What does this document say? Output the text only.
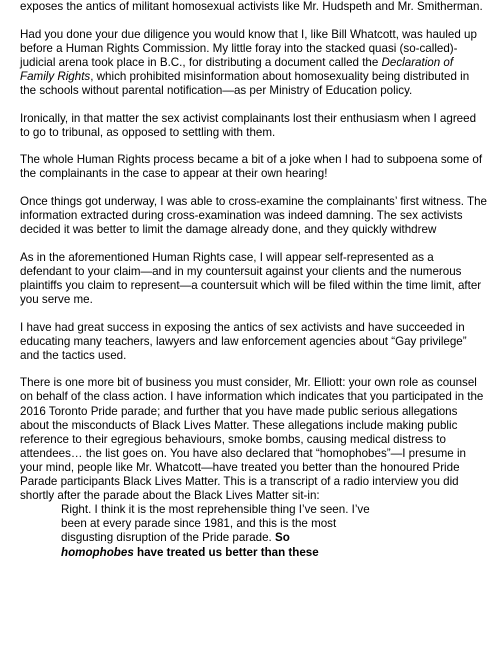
exposes the antics of militant homosexual activists like Mr. Hudspeth and Mr. Smitherman.

Had you done your due diligence you would know that I, like Bill Whatcott, was hauled up before a Human Rights Commission. My little foray into the stacked quasi (so-called)-judicial arena took place in B.C., for distributing a document called the Declaration of Family Rights, which prohibited misinformation about homosexuality being distributed in the schools without parental notification—as per Ministry of Education policy.

Ironically, in that matter the sex activist complainants lost their enthusiasm when I agreed to go to tribunal, as opposed to settling with them.

The whole Human Rights process became a bit of a joke when I had to subpoena some of the complainants in the case to appear at their own hearing!

Once things got underway, I was able to cross-examine the complainants’ first witness. The information extracted during cross-examination was indeed damning. The sex activists decided it was better to limit the damage already done, and they quickly withdrew

As in the aforementioned Human Rights case, I will appear self-represented as a defendant to your claim—and in my countersuit against your clients and the numerous plaintiffs you claim to represent—a countersuit which will be filed within the time limit, after you serve me.

I have had great success in exposing the antics of sex activists and have succeeded in educating many teachers, lawyers and law enforcement agencies about “Gay privilege” and the tactics used.

There is one more bit of business you must consider, Mr. Elliott: your own role as counsel on behalf of the class action. I have information which indicates that you participated in the 2016 Toronto Pride parade; and further that you have made public serious allegations about the misconducts of Black Lives Matter. These allegations include making public reference to their egregious behaviours, smoke bombs, causing medical distress to attendees… the list goes on. You have also declared that “homophobes”—I presume in your mind, people like Mr. Whatcott—have treated you better than the honoured Pride Parade participants Black Lives Matter. This is a transcript of a radio interview you did shortly after the parade about the Black Lives Matter sit-in:

Right. I think it is the most reprehensible thing I’ve seen. I’ve been at every parade since 1981, and this is the most disgusting disruption of the Pride parade. So
homophobes have treated us better than these
